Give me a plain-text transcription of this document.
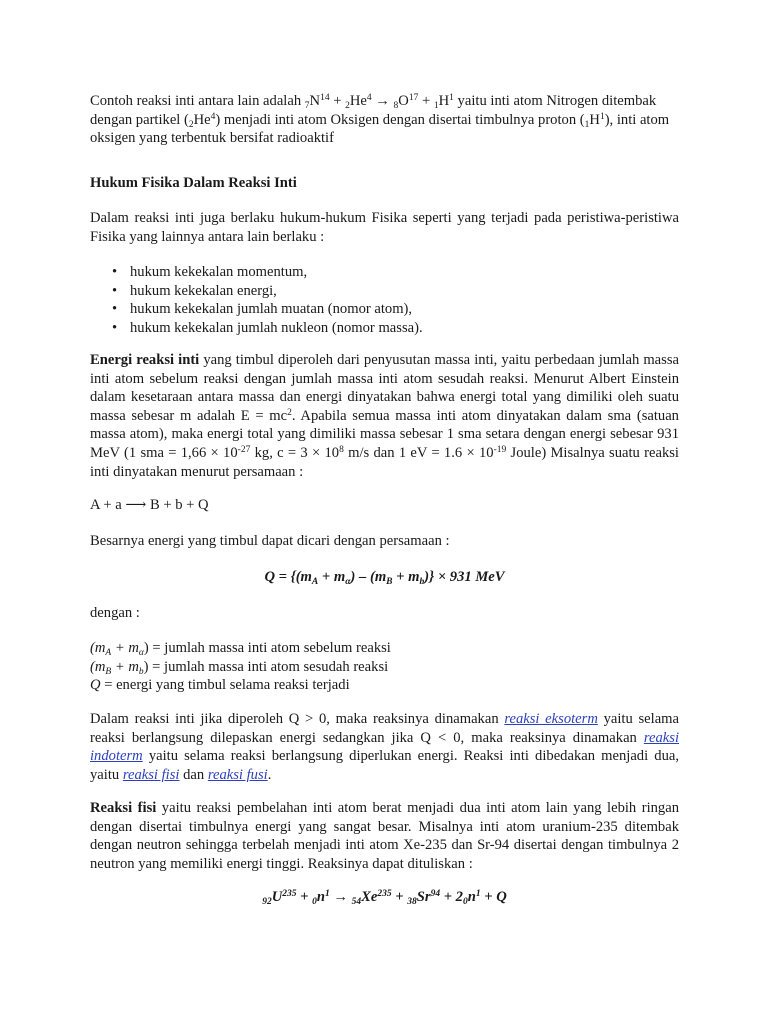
Contoh reaksi inti antara lain adalah $_7N^{14} + _2He^4 \to _8O^{17} + _1H^1$ yaitu inti atom Nitrogen ditembak dengan partikel $(_2He^4)$ menjadi inti atom Oksigen dengan disertai timbulnya proton $(_1H^1)$, inti atom oksigen yang terbentuk bersifat radioaktif

Hukum Fisika Dalam Reaksi Inti

Dalam reaksi inti juga berlaku hukum-hukum Fisika seperti yang terjadi pada peristiwa-peristiwa Fisika yang lainnya antara lain berlaku :

• hukum kekekalan momentum,
• hukum kekekalan energi,
• hukum kekekalan jumlah muatan (nomor atom),
• hukum kekekalan jumlah nukleon (nomor massa).

Energi reaksi inti yang timbul diperoleh dari penyusutan massa inti, yaitu perbedaan jumlah massa inti atom sebelum reaksi dengan jumlah massa inti atom sesudah reaksi. Menurut Albert Einstein dalam kesetaraan antara massa dan energi dinyatakan bahwa energi total yang dimiliki oleh suatu massa sebesar m adalah $E = mc^2$. Apabila semua massa inti atom dinyatakan dalam sma (satuan massa atom), maka energi total yang dimiliki massa sebesar 1 sma setara dengan energi sebesar 931 MeV (1 sma = $1,66 \times 10^{-27}$ kg, $c = 3 \times 10^8$ m/s dan 1 eV = $1.6 \times 10^{-19}$ Joule) Misalnya suatu reaksi inti dinyatakan menurut persamaan :

A + a ⟶ B + b + Q

Besarnya energi yang timbul dapat dicari dengan persamaan :

$Q = \{(m_A + m_\alpha) - (m_B + m_b)\} \times 931$ MeV

dengan :

$(m_A + m_\alpha)$ = jumlah massa inti atom sebelum reaksi
$(m_B + m_b)$ = jumlah massa inti atom sesudah reaksi
Q = energi yang timbul selama reaksi terjadi

Dalam reaksi inti jika diperoleh Q > 0, maka reaksinya dinamakan reaksi eksoterm yaitu selama reaksi berlangsung dilepaskan energi sedangkan jika Q < 0, maka reaksinya dinamakan reaksi indoterm yaitu selama reaksi berlangsung diperlukan energi. Reaksi inti dibedakan menjadi dua, yaitu reaksi fisi dan reaksi fusi.

Reaksi fisi yaitu reaksi pembelahan inti atom berat menjadi dua inti atom lain yang lebih ringan dengan disertai timbulnya energi yang sangat besar. Misalnya inti atom uranium-235 ditembak dengan neutron sehingga terbelah menjadi inti atom Xe-235 dan Sr-94 disertai dengan timbulnya 2 neutron yang memiliki energi tinggi. Reaksinya dapat dituliskan :

$_{92}U^{235} + _0n^1 \to _{54}Xe^{235} + _{38}Sr^{94} + 2_0n^1 + Q$
